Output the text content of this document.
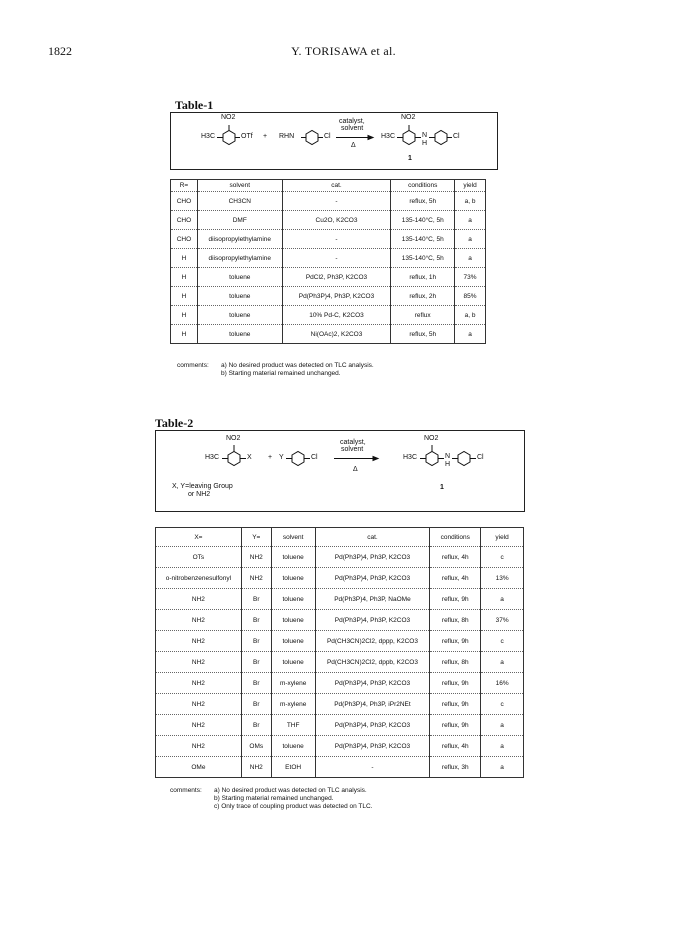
1822	Y. TORISAWA et al.
Table-1
NO2
H3C	OTf + RHN	Cl
catalyst,
solvent
Δ
NO2
H3C	N
H
Cl
1
R=	solvent	cat.	conditions	yield
CHO	CH3CN	-	reflux, 5h	a, b
CHO	DMF	Cu2O, K2CO3	135-140°C, 5h	a
CHO	diisopropylethylamine	-	135-140°C, 5h	a
H	diisopropylethylamine	-	135-140°C, 5h	a
H	toluene	PdCl2, Ph3P, K2CO3	reflux, 1h	73%
H	toluene	Pd(Ph3P)4, Ph3P, K2CO3	reflux, 2h	85%
H	toluene	10% Pd-C, K2CO3	reflux	a, b
H	toluene	Ni(OAc)2, K2CO3	reflux, 5h	a
comments: a) No desired product was detected on TLC analysis.
b) Starting material remained unchanged.
Table-2
NO2
H3C	X + Y	Cl
catalyst,
solvent
Δ
NO2
H3C	N
H
Cl
X, Y=leaving Group
or NH2
1
X=	Y=	solvent	cat.	conditions	yield
OTs	NH2	toluene	Pd(Ph3P)4, Ph3P, K2CO3	reflux, 4h	c
o-nitrobenzenesulfonyl	NH2	toluene	Pd(Ph3P)4, Ph3P, K2CO3	reflux, 4h	13%
NH2	Br	toluene	Pd(Ph3P)4, Ph3P, NaOMe	reflux, 9h	a
NH2	Br	toluene	Pd(Ph3P)4, Ph3P, K2CO3	reflux, 8h	37%
NH2	Br	toluene	Pd(CH3CN)2Cl2, dppp, K2CO3	reflux, 9h	c
NH2	Br	toluene	Pd(CH3CN)2Cl2, dppb, K2CO3	reflux, 8h	a
NH2	Br	m-xylene	Pd(Ph3P)4, Ph3P, K2CO3	reflux, 9h	16%
NH2	Br	m-xylene	Pd(Ph3P)4, Ph3P, iPr2NEt	reflux, 9h	c
NH2	Br	THF	Pd(Ph3P)4, Ph3P, K2CO3	reflux, 9h	a
NH2	OMs	toluene	Pd(Ph3P)4, Ph3P, K2CO3	reflux, 4h	a
OMe	NH2	EtOH	-	reflux, 3h	a
comments: a) No desired product was detected on TLC analysis.
b) Starting material remained unchanged.
c) Only trace of coupling product was detected on TLC.
